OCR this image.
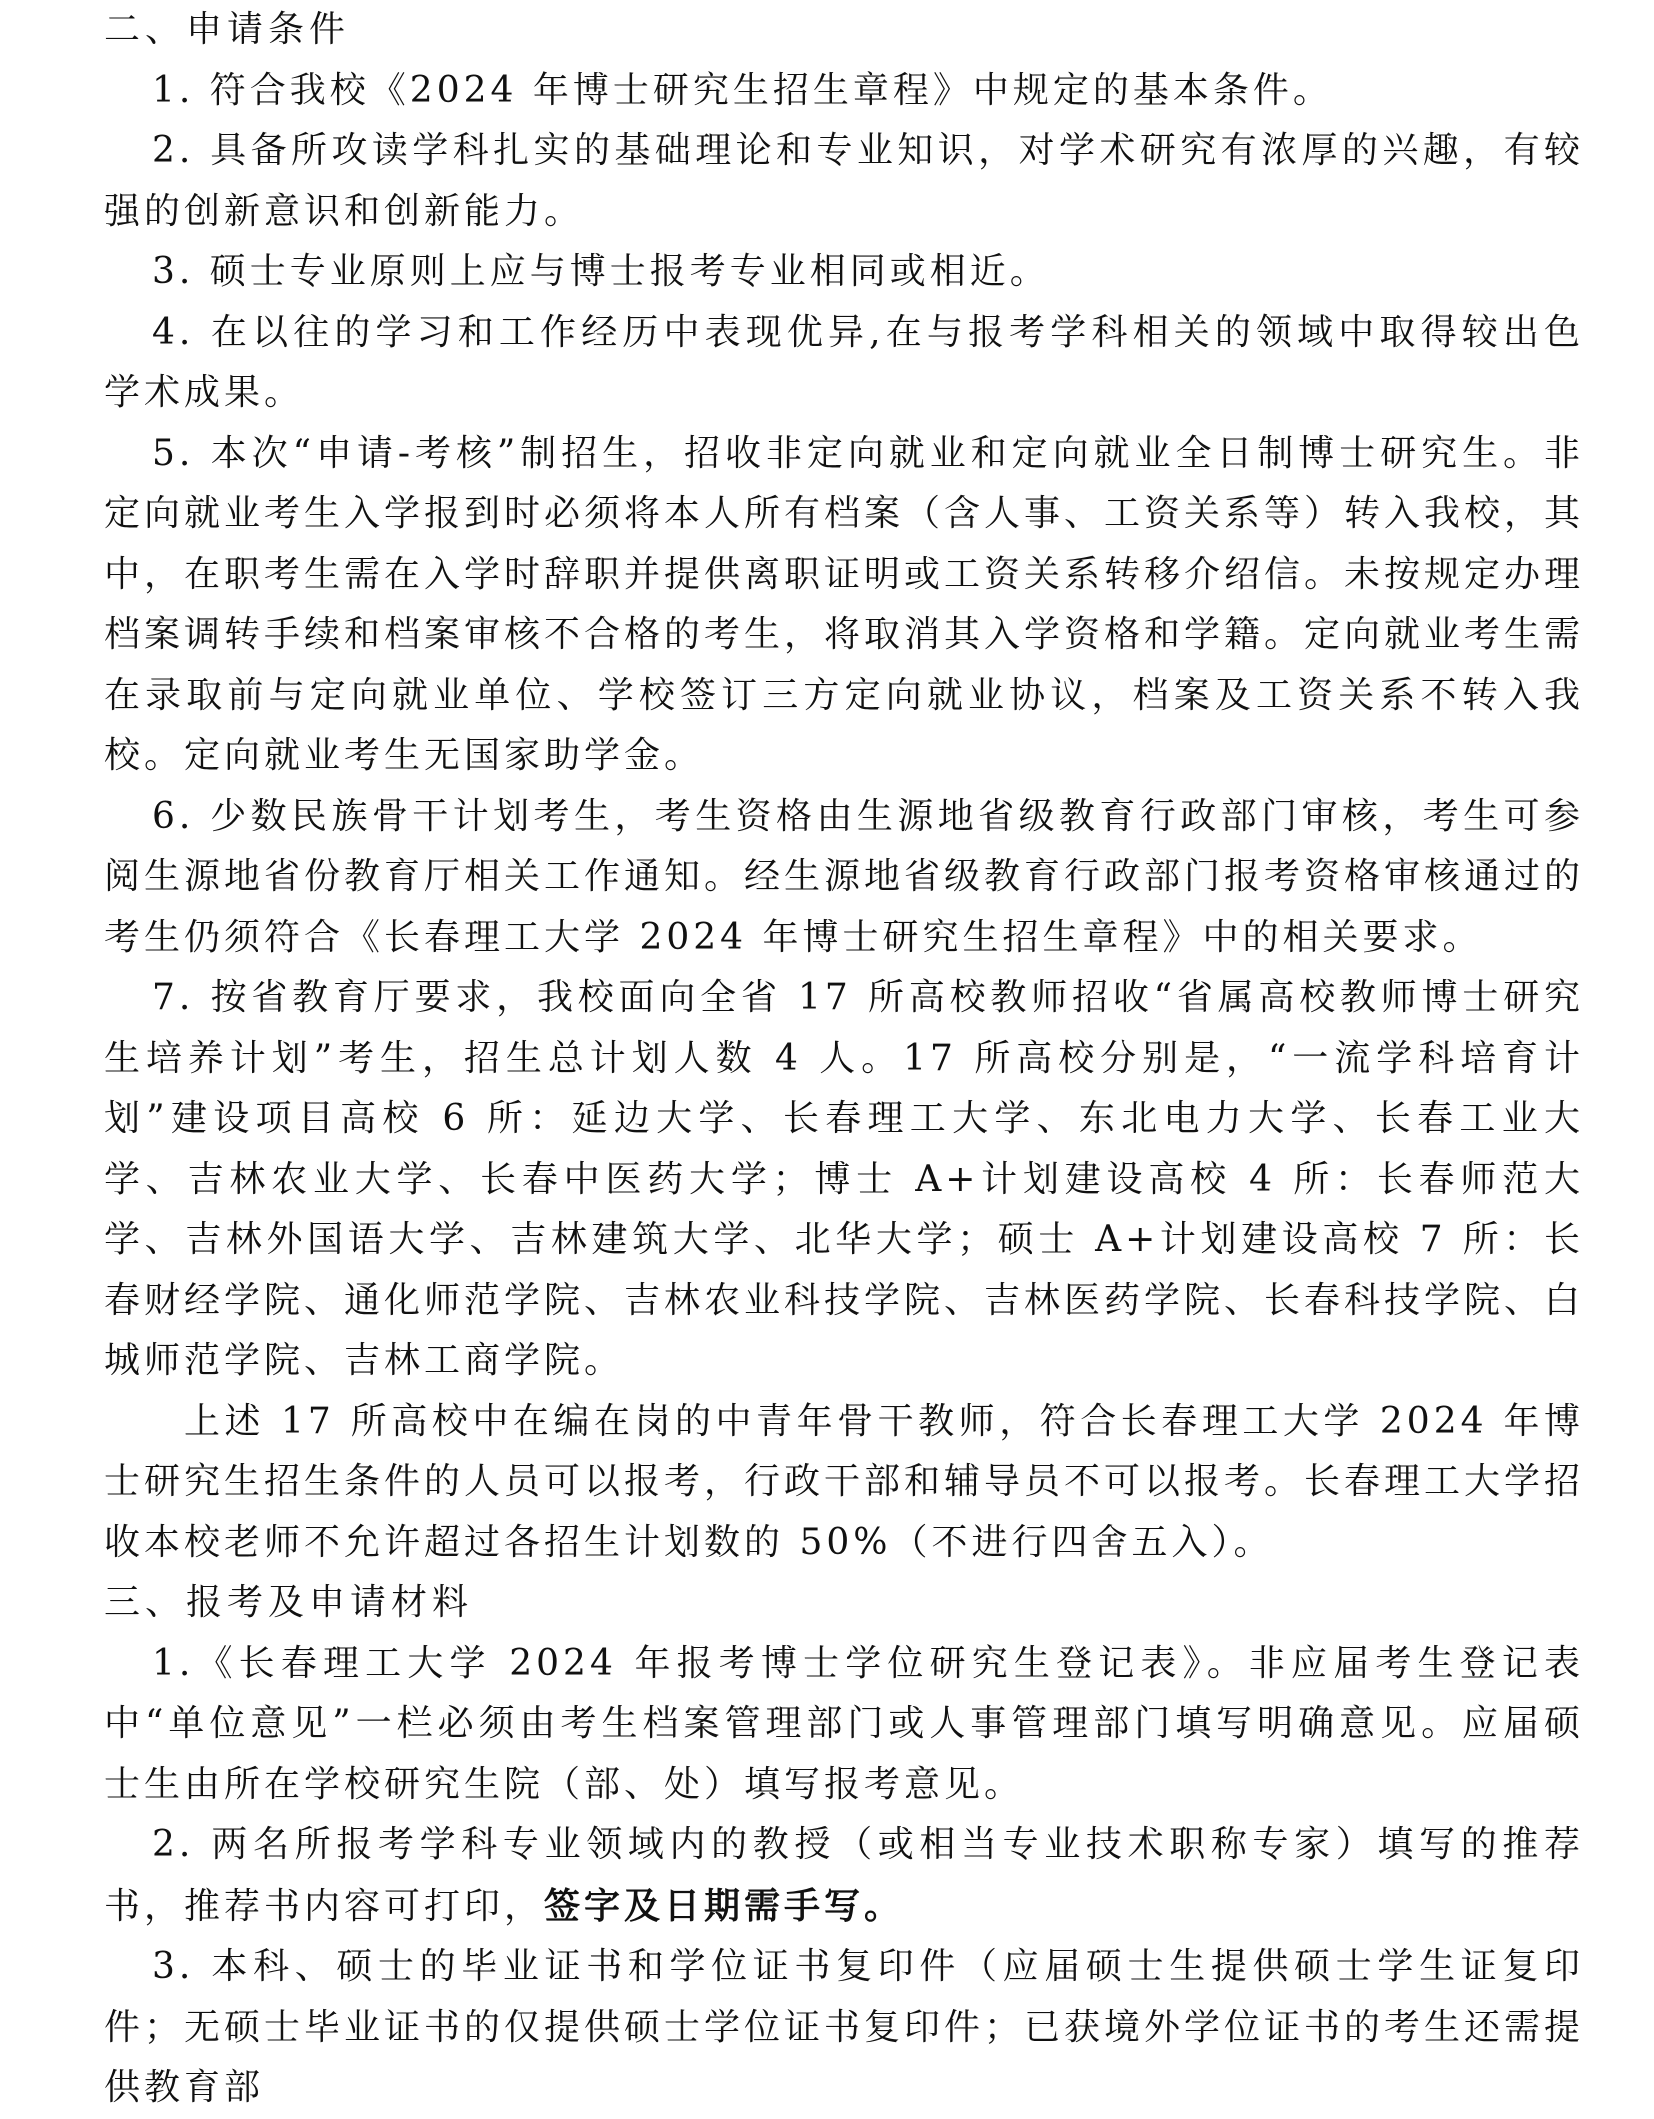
二、申请条件

1. 符合我校《2024 年博士研究生招生章程》中规定的基本条件。

2. 具备所攻读学科扎实的基础理论和专业知识，对学术研究有浓厚的兴趣，有较强的创新意识和创新能力。

3. 硕士专业原则上应与博士报考专业相同或相近。

4. 在以往的学习和工作经历中表现优异,在与报考学科相关的领域中取得较出色学术成果。

5. 本次“申请-考核”制招生，招收非定向就业和定向就业全日制博士研究生。非定向就业考生入学报到时必须将本人所有档案（含人事、工资关系等）转入我校，其中，在职考生需在入学时辞职并提供离职证明或工资关系转移介绍信。未按规定办理档案调转手续和档案审核不合格的考生，将取消其入学资格和学籍。定向就业考生需在录取前与定向就业单位、学校签订三方定向就业协议，档案及工资关系不转入我校。定向就业考生无国家助学金。

6. 少数民族骨干计划考生，考生资格由生源地省级教育行政部门审核，考生可参阅生源地省份教育厅相关工作通知。经生源地省级教育行政部门报考资格审核通过的考生仍须符合《长春理工大学 2024 年博士研究生招生章程》中的相关要求。

7. 按省教育厅要求，我校面向全省 17 所高校教师招收“省属高校教师博士研究生培养计划”考生，招生总计划人数 4 人。17 所高校分别是，“一流学科培育计划”建设项目高校 6 所：延边大学、长春理工大学、东北电力大学、长春工业大学、吉林农业大学、长春中医药大学；博士 A+计划建设高校 4 所：长春师范大学、吉林外国语大学、吉林建筑大学、北华大学；硕士 A+计划建设高校 7 所：长春财经学院、通化师范学院、吉林农业科技学院、吉林医药学院、长春科技学院、白城师范学院、吉林工商学院。

上述 17 所高校中在编在岗的中青年骨干教师，符合长春理工大学 2024 年博士研究生招生条件的人员可以报考，行政干部和辅导员不可以报考。长春理工大学招收本校老师不允许超过各招生计划数的 50%（不进行四舍五入）。

三、报考及申请材料

1.《长春理工大学 2024 年报考博士学位研究生登记表》。非应届考生登记表中“单位意见”一栏必须由考生档案管理部门或人事管理部门填写明确意见。应届硕士生由所在学校研究生院（部、处）填写报考意见。

2. 两名所报考学科专业领域内的教授（或相当专业技术职称专家）填写的推荐书，推荐书内容可打印，签字及日期需手写。

3. 本科、硕士的毕业证书和学位证书复印件（应届硕士生提供硕士学生证复印件；无硕士毕业证书的仅提供硕士学位证书复印件；已获境外学位证书的考生还需提供教育部
